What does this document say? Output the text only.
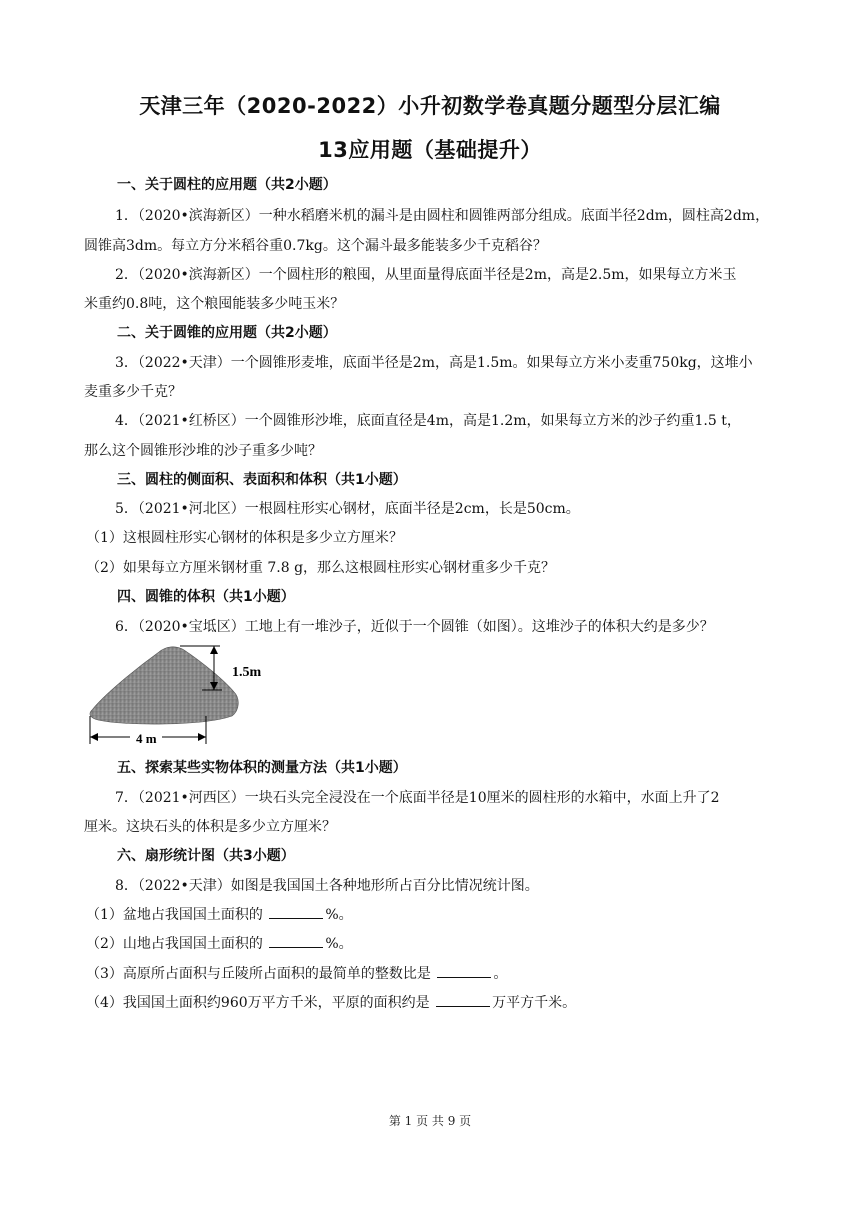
天津三年（2020-2022）小升初数学卷真题分题型分层汇编
13应用题（基础提升）
一、关于圆柱的应用题（共2小题）
1．（2020•滨海新区）一种水稻磨米机的漏斗是由圆柱和圆锥两部分组成。底面半径2dm，圆柱高2dm，
圆锥高3dm。每立方分米稻谷重0.7kg。这个漏斗最多能装多少千克稻谷？
2．（2020•滨海新区）一个圆柱形的粮囤，从里面量得底面半径是2m，高是2.5m，如果每立方米玉
米重约0.8吨，这个粮囤能装多少吨玉米？
二、关于圆锥的应用题（共2小题）
3．（2022•天津）一个圆锥形麦堆，底面半径是2m，高是1.5m。如果每立方米小麦重750kg，这堆小
麦重多少千克？
4．（2021•红桥区）一个圆锥形沙堆，底面直径是4m，高是1.2m，如果每立方米的沙子约重1.5 t，
那么这个圆锥形沙堆的沙子重多少吨？
三、圆柱的侧面积、表面积和体积（共1小题）
5．（2021•河北区）一根圆柱形实心钢材，底面半径是2cm，长是50cm。
（1）这根圆柱形实心钢材的体积是多少立方厘米？
（2）如果每立方厘米钢材重 7.8 g，那么这根圆柱形实心钢材重多少千克？
四、圆锥的体积（共1小题）
6．（2020•宝坻区）工地上有一堆沙子，近似于一个圆锥（如图）。这堆沙子的体积大约是多少？
1.5m
4 m
五、探索某些实物体积的测量方法（共1小题）
7．（2021•河西区）一块石头完全浸没在一个底面半径是10厘米的圆柱形的水箱中，水面上升了2
厘米。这块石头的体积是多少立方厘米？
六、扇形统计图（共3小题）
8．（2022•天津）如图是我国国土各种地形所占百分比情况统计图。
（1）盆地占我国国土面积的	%。
（2）山地占我国国土面积的	%。
（3）高原所占面积与丘陵所占面积的最简单的整数比是	。
（4）我国国土面积约960万平方千米，平原的面积约是	万平方千米。
第 1 页 共 9 页
